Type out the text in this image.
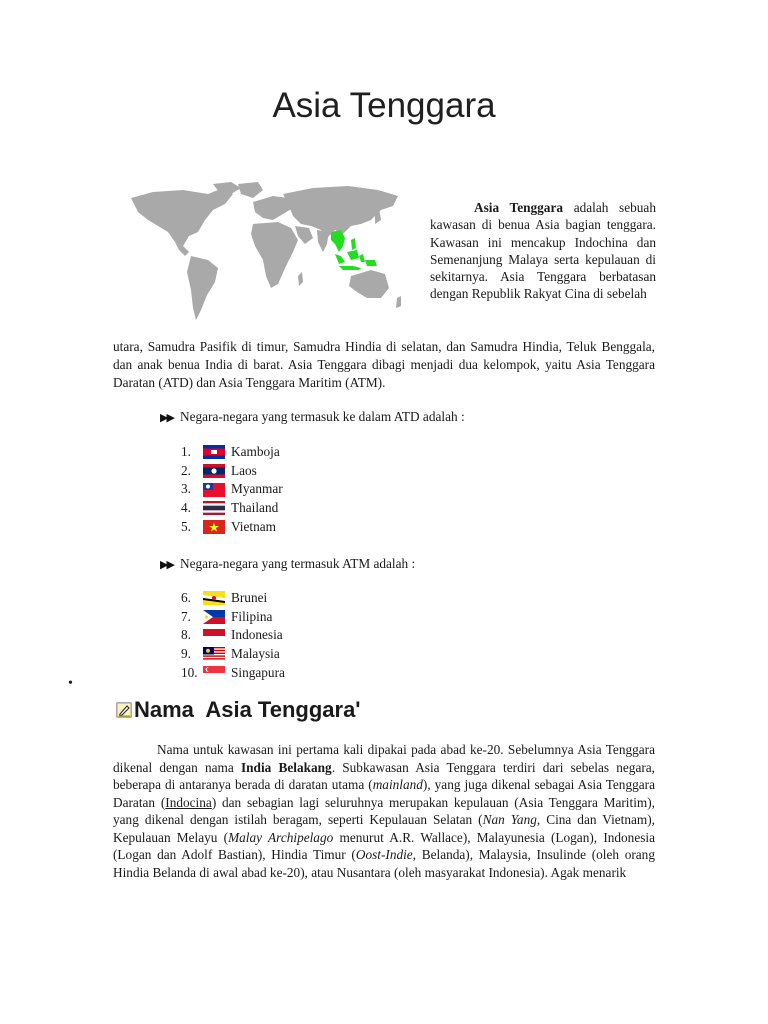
Asia Tenggara
Asia Tenggara adalah sebuah kawasan di benua Asia bagian tenggara. Kawasan ini mencakup Indochina dan Semenanjung Malaya serta kepulauan di sekitarnya. Asia Tenggara berbatasan dengan Republik Rakyat Cina di sebelah
utara, Samudra Pasifik di timur, Samudra Hindia di selatan, dan Samudra Hindia, Teluk Benggala, dan anak benua India di barat. Asia Tenggara dibagi menjadi dua kelompok, yaitu Asia Tenggara Daratan (ATD) dan Asia Tenggara Maritim (ATM).
▶▶ Negara-negara yang termasuk ke dalam ATD adalah :
1.	Kamboja
2.	Laos
3.	Myanmar
4.	Thailand
5.	Vietnam
▶▶ Negara-negara yang termasuk ATM adalah :
6.	Brunei
7.	Filipina
8.	Indonesia
9.	Malaysia
10.	Singapura
•
Nama  Asia Tenggara'
Nama untuk kawasan ini pertama kali dipakai pada abad ke-20. Sebelumnya Asia Tenggara dikenal dengan nama India Belakang. Subkawasan Asia Tenggara terdiri dari sebelas negara, beberapa di antaranya berada di daratan utama (mainland), yang juga dikenal sebagai Asia Tenggara Daratan (Indocina) dan sebagian lagi seluruhnya merupakan kepulauan (Asia Tenggara Maritim), yang dikenal dengan istilah beragam, seperti Kepulauan Selatan (Nan Yang, Cina dan Vietnam), Kepulauan Melayu (Malay Archipelago menurut A.R. Wallace), Malayunesia (Logan), Indonesia (Logan dan Adolf Bastian), Hindia Timur (Oost-Indie, Belanda), Malaysia, Insulinde (oleh orang Hindia Belanda di awal abad ke-20), atau Nusantara (oleh masyarakat Indonesia). Agak menarik
